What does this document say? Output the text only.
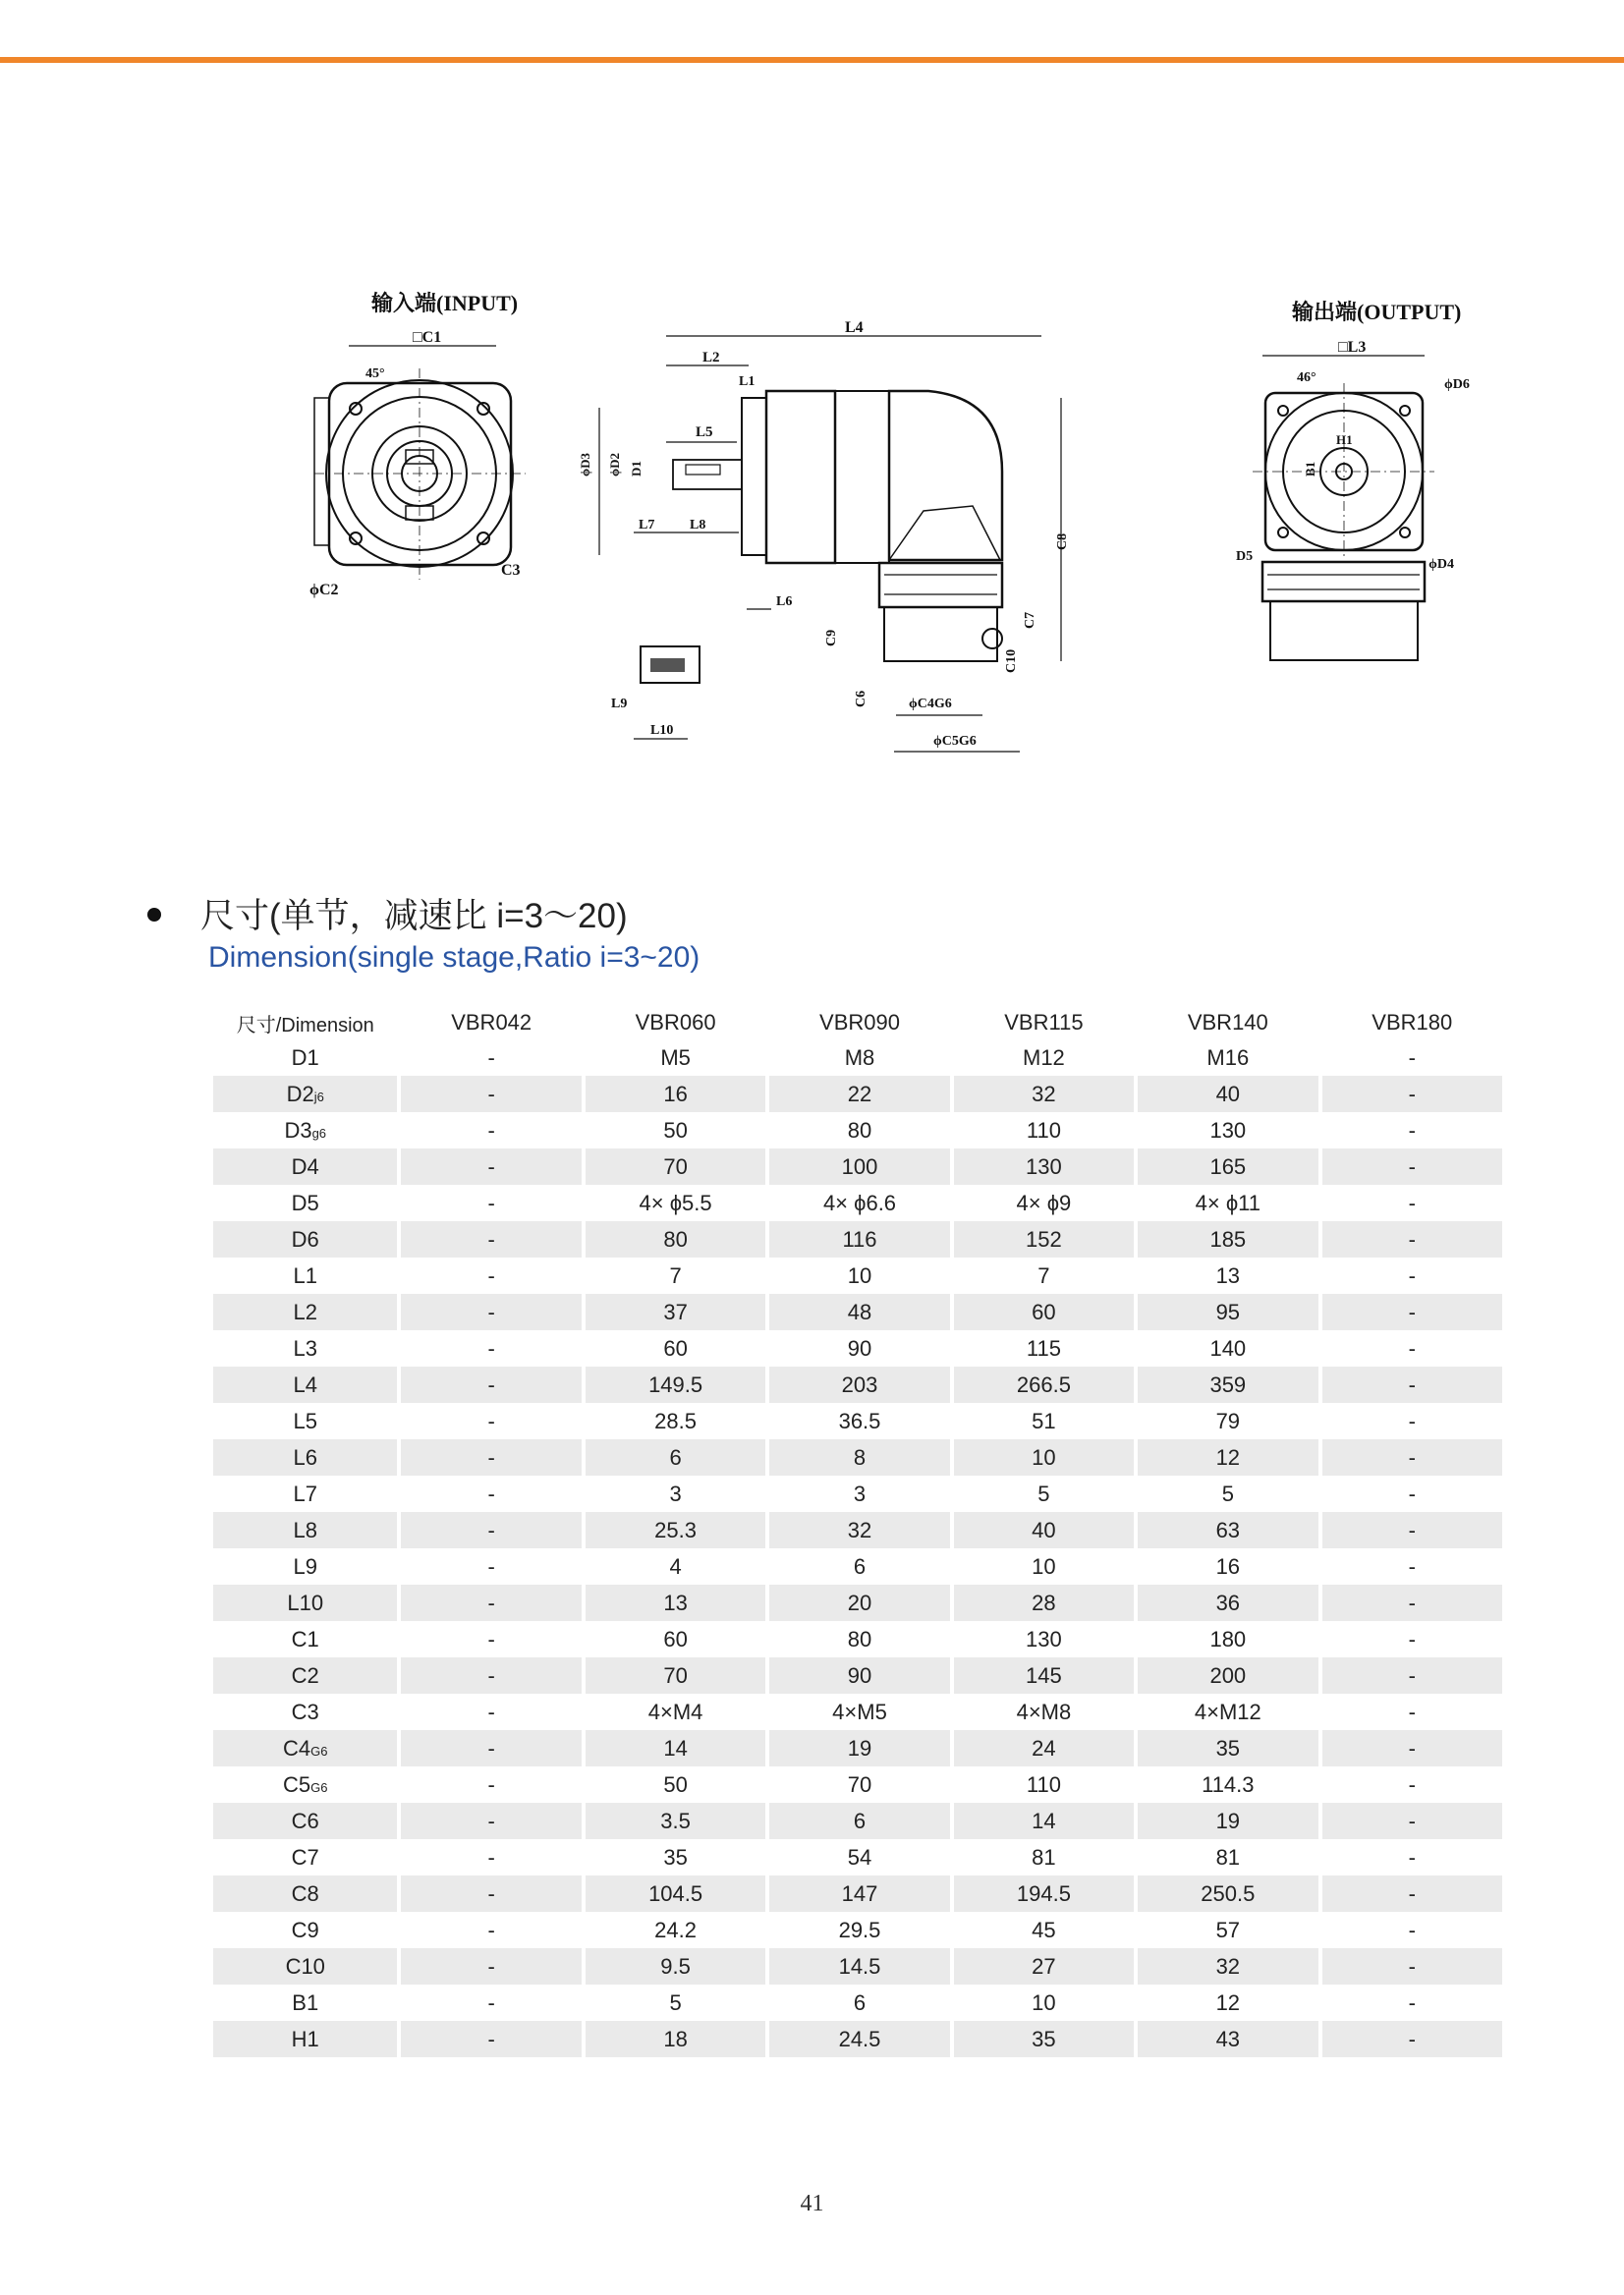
输入端(INPUT)
□C1
45°
ϕC2
C3
L4
L2
L1
L5
ϕD3 ϕD2 D1
L7	L8
L6
C8
C7
C10
C9
C6	ϕC4G6
ϕC5G6
L9
L10
输出端(OUTPUT)
□L3
46°	ϕD6
H1
B1
D5
ϕD4
尺寸(单节，减速比 i=3～20)
Dimension(single stage,Ratio i=3~20)
尺寸/Dimension	VBR042	VBR060	VBR090	VBR115	VBR140	VBR180
D1	-	M5	M8	M12	M16	-
D2j6	-	16	22	32	40	-
D3g6	-	50	80	110	130	-
D4	-	70	100	130	165	-
D5	-	4× ϕ5.5	4× ϕ6.6	4× ϕ9	4× ϕ11	-
D6	-	80	116	152	185	-
L1	-	7	10	7	13	-
L2	-	37	48	60	95	-
L3	-	60	90	115	140	-
L4	-	149.5	203	266.5	359	-
L5	-	28.5	36.5	51	79	-
L6	-	6	8	10	12	-
L7	-	3	3	5	5	-
L8	-	25.3	32	40	63	-
L9	-	4	6	10	16	-
L10	-	13	20	28	36	-
C1	-	60	80	130	180	-
C2	-	70	90	145	200	-
C3	-	4×M4	4×M5	4×M8	4×M12	-
C4G6	-	14	19	24	35	-
C5G6	-	50	70	110	114.3	-
C6	-	3.5	6	14	19	-
C7	-	35	54	81	81	-
C8	-	104.5	147	194.5	250.5	-
C9	-	24.2	29.5	45	57	-
C10	-	9.5	14.5	27	32	-
B1	-	5	6	10	12	-
H1	-	18	24.5	35	43	-
41
